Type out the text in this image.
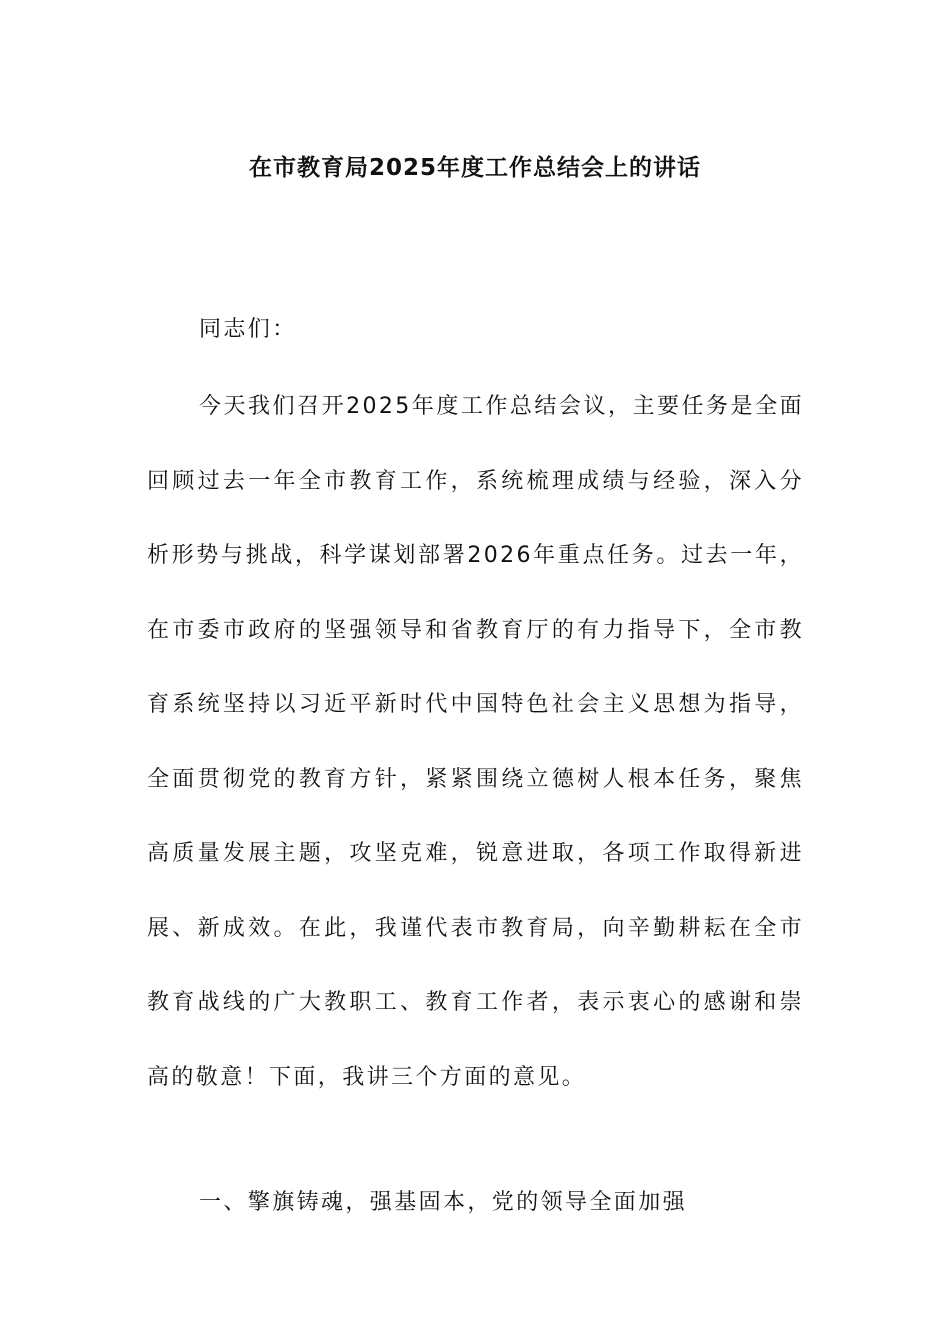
在市教育局2025年度工作总结会上的讲话

同志们：

今天我们召开2025年度工作总结会议，主要任务是全面回顾过去一年全市教育工作，系统梳理成绩与经验，深入分析形势与挑战，科学谋划部署2026年重点任务。过去一年，在市委市政府的坚强领导和省教育厅的有力指导下，全市教育系统坚持以习近平新时代中国特色社会主义思想为指导，全面贯彻党的教育方针，紧紧围绕立德树人根本任务，聚焦高质量发展主题，攻坚克难，锐意进取，各项工作取得新进展、新成效。在此，我谨代表市教育局，向辛勤耕耘在全市教育战线的广大教职工、教育工作者，表示衷心的感谢和崇高的敬意！下面，我讲三个方面的意见。

一、擎旗铸魂，强基固本，党的领导全面加强
